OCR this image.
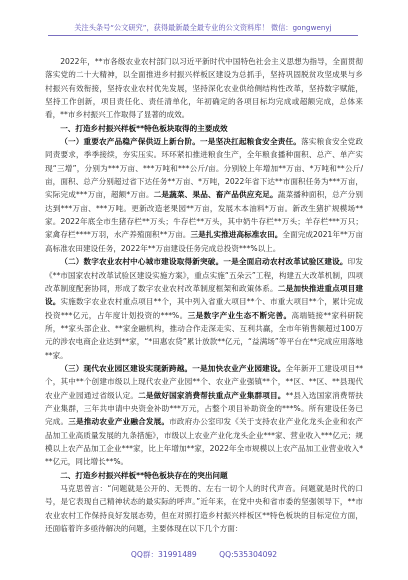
关注头条号“公文研究”，获得最新最全最专业的公文资料库！ 微信：gongwenyj

2022年，**市各级农业农村部门以习近平新时代中国特色社会主义思想为指导，全面贯彻落实党的二十大精神，以全面推进乡村振兴样板区建设为总抓手，坚持巩固脱贫攻坚成果与乡村振兴有效衔接，坚持农业农村优先发展，坚持深化农业供给侧结构性改革，坚持数字赋能，坚持工作创新，项目责任化、责任清单化，年初确定的各项目标均完成或超额完成，总体来看，**市乡村振兴工作取得了显著的成效。

一、打造乡村振兴样板**特色板块取得的主要成效

（一）重要农产品稳产保供迈上新台阶。一是坚决扛起粮食安全责任。落实粮食安全党政同责要求，季季接续，夯实压实。环环紧扣推进粮食生产，全年粮食播种面积、总产、单产实现“三增”，分别为***万亩、***万吨和***公斤/亩。分别较上年增加**万亩、*万吨和**公斤/亩，面积、总产分别超过省下达任务**万亩、*万吨，2022年省下达**市面积任务为***万亩，实际完成***万亩，超额*万亩。二是蔬菜、果品、畜产品供应充足。蔬菜播种面积，总产分别达到***万亩、***万吨。更新改造老果园**万亩，发展木本油料*万亩。新改生猪扩规模场**家。2022年底全市生猪存栏**万头；牛存栏**万头，其中奶牛存栏**万头；羊存栏***万只；家禽存栏****万羽，水产养殖面积**万亩。三是扎实推进高标准农田。全面完成2021年**万亩高标准农田建设任务，2022年**万亩建设任务完成总投资***%以上。

（二）数字农业农村中心城市建设取得新突破。一是全面启动农村改革试验区建设。印发《**市国家农村改革试验区建设实施方案》，重点实施“五朵云”工程，构建五大改革机制，四项改革制度配套协同，形成了数字农业农村改革制度框架和政策体系。二是加快推进重点项目建设。实施数字农业农村重点项目**个，其中列入省重大项目**个、市重大项目**个，累计完成投资***亿元，占年度计划投资的***%。三是数字产业生态不断完善。高端链接**家科研院所，**家头部企业、**家金融机构，推动合作走深走实、互利共赢，全市年销售额超过100万元的涉农电商企业达到**家，“*田惠农贷”累计放款**亿元，“益满场”等平台在**完成应用落地**家。

（三）现代农业园区建设实现新跨越。一是加快农业产业园建设。全年新开工建设项目**个，其中**个创建市级以上现代农业产业园**个、农业产业强镇**个，**区、**区、**县现代农业产业园通过省级认定。二是做好国家消费帮扶重点产业集群项目。**县入选国家消费帮扶产业集群，三年共申请中央资金补助***万元，占整个项目补助资金的***%。所有建设任务已完成。三是推动农业产业融合发展。市政府办公室印发《关于支持农业产业化龙头企业和农产品加工业高质量发展的九条措施》，市级以上农业产业化龙头企业***家、营业收入***亿元；规模以上农产品加工企业***家，比上年增加**家，2022年全市规模以上农产品加工业营业收入***亿元，同比增长**%。

二、打造乡村振兴样板**特色板块存在的突出问题

马克思曾言：“问题就是公开的、无畏的、左右一切个人的时代声音。问题就是时代的口号，是它表现自己精神状态的最实际的呼声。”近年来，在党中央和省市委的坚强领导下，**市农业农村工作保持良好发展态势，但在对照打造乡村振兴样板区**特色板块的目标定位方面，还面临着许多亟待解决的问题，主要体现在以下几个方面：

QQ群：31991489	QQ:535304092
